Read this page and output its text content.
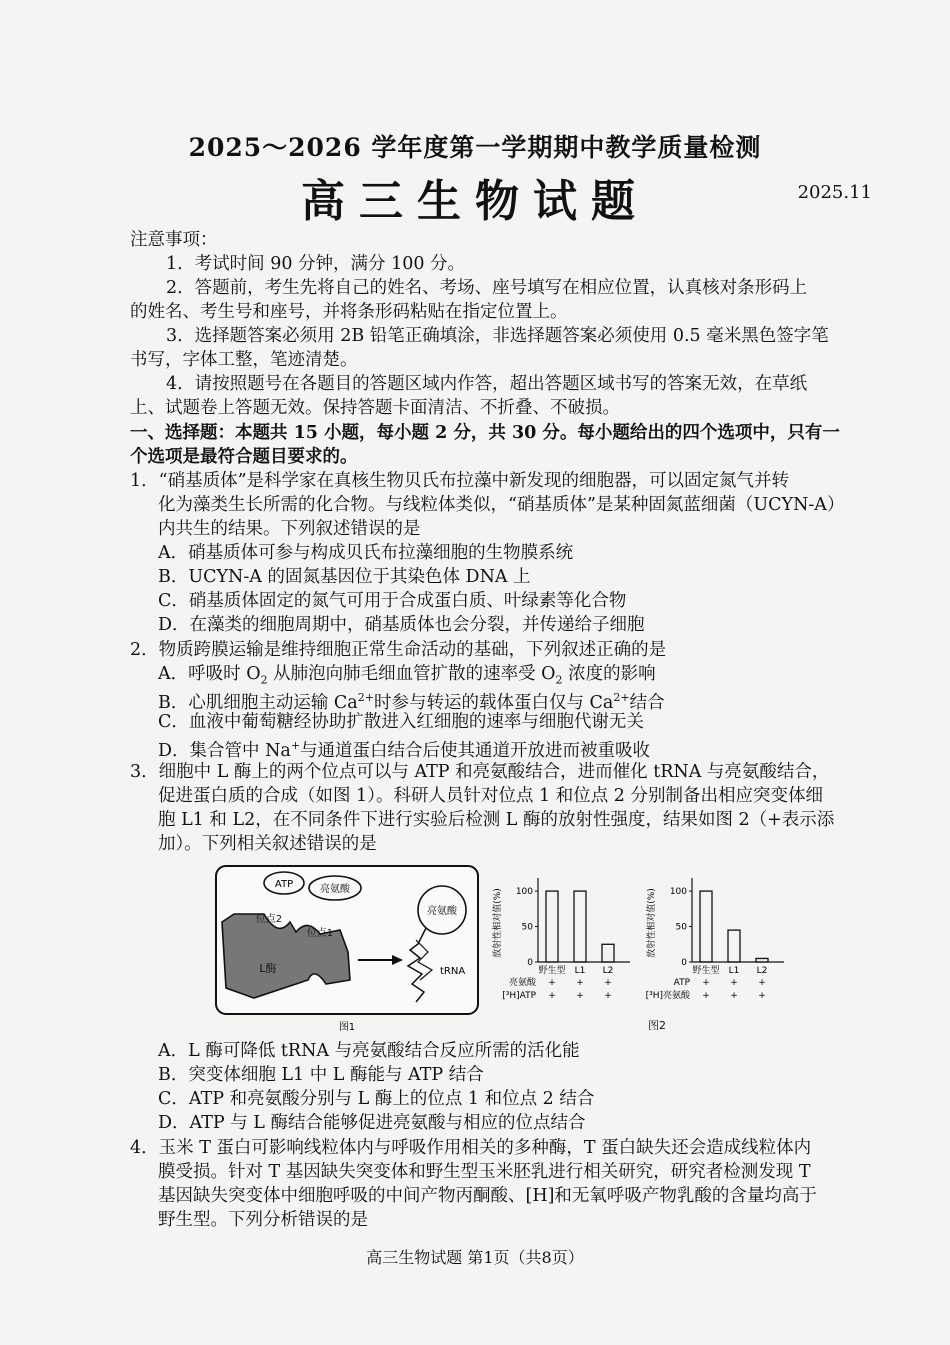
2025～2026 学年度第一学期期中教学质量检测
高三生物试题	2025.11
注意事项：
1．考试时间 90 分钟，满分 100 分。
2．答题前，考生先将自己的姓名、考场、座号填写在相应位置，认真核对条形码上
的姓名、考生号和座号，并将条形码粘贴在指定位置上。
3．选择题答案必须用 2B 铅笔正确填涂，非选择题答案必须使用 0.5 毫米黑色签字笔
书写，字体工整，笔迹清楚。
4．请按照题号在各题目的答题区域内作答，超出答题区域书写的答案无效，在草纸
上、试题卷上答题无效。保持答题卡面清洁、不折叠、不破损。
一、选择题：本题共 15 小题，每小题 2 分，共 30 分。每小题给出的四个选项中，只有一
个选项是最符合题目要求的。
1．“硝基质体”是科学家在真核生物贝氏布拉藻中新发现的细胞器，可以固定氮气并转
化为藻类生长所需的化合物。与线粒体类似，“硝基质体”是某种固氮蓝细菌（UCYN-A）
内共生的结果。下列叙述错误的是
A．硝基质体可参与构成贝氏布拉藻细胞的生物膜系统
B．UCYN-A 的固氮基因位于其染色体 DNA 上
C．硝基质体固定的氮气可用于合成蛋白质、叶绿素等化合物
D．在藻类的细胞周期中，硝基质体也会分裂，并传递给子细胞
2．物质跨膜运输是维持细胞正常生命活动的基础，下列叙述正确的是
A．呼吸时 $O_2$ 从肺泡向肺毛细血管扩散的速率受 $O_2$ 浓度的影响
B．心肌细胞主动运输 $Ca^{2+}$时参与转运的载体蛋白仅与 $Ca^{2+}$结合
C．血液中葡萄糖经协助扩散进入红细胞的速率与细胞代谢无关
D．集合管中 Na+与通道蛋白结合后使其通道开放进而被重吸收
3．细胞中 L 酶上的两个位点可以与 ATP 和亮氨酸结合，进而催化 tRNA 与亮氨酸结合，
促进蛋白质的合成（如图 1）。科研人员针对位点 1 和位点 2 分别制备出相应突变体细
胞 L1 和 L2，在不同条件下进行实验后检测 L 酶的放射性强度，结果如图 2（+表示添
加）。下列相关叙述错误的是
ATP	亮氨酸
位点2
位点1
L酶
亮氨酸
tRNA
图1
放射性相对值(%)
0
50
100
野生型 L1 L2
亮氨酸 + + +
[³H]ATP + + +
放射性相对值(%)
0
50
100
野生型 L1 L2
ATP + + +
[³H]亮氨酸 + + +
图2
A．L 酶可降低 tRNA 与亮氨酸结合反应所需的活化能
B．突变体细胞 L1 中 L 酶能与 ATP 结合
C．ATP 和亮氨酸分别与 L 酶上的位点 1 和位点 2 结合
D．ATP 与 L 酶结合能够促进亮氨酸与相应的位点结合
4．玉米 T 蛋白可影响线粒体内与呼吸作用相关的多种酶，T 蛋白缺失还会造成线粒体内
膜受损。针对 T 基因缺失突变体和野生型玉米胚乳进行相关研究，研究者检测发现 T
基因缺失突变体中细胞呼吸的中间产物丙酮酸、[H]和无氧呼吸产物乳酸的含量均高于
野生型。下列分析错误的是
高三生物试题 第1页（共8页）
